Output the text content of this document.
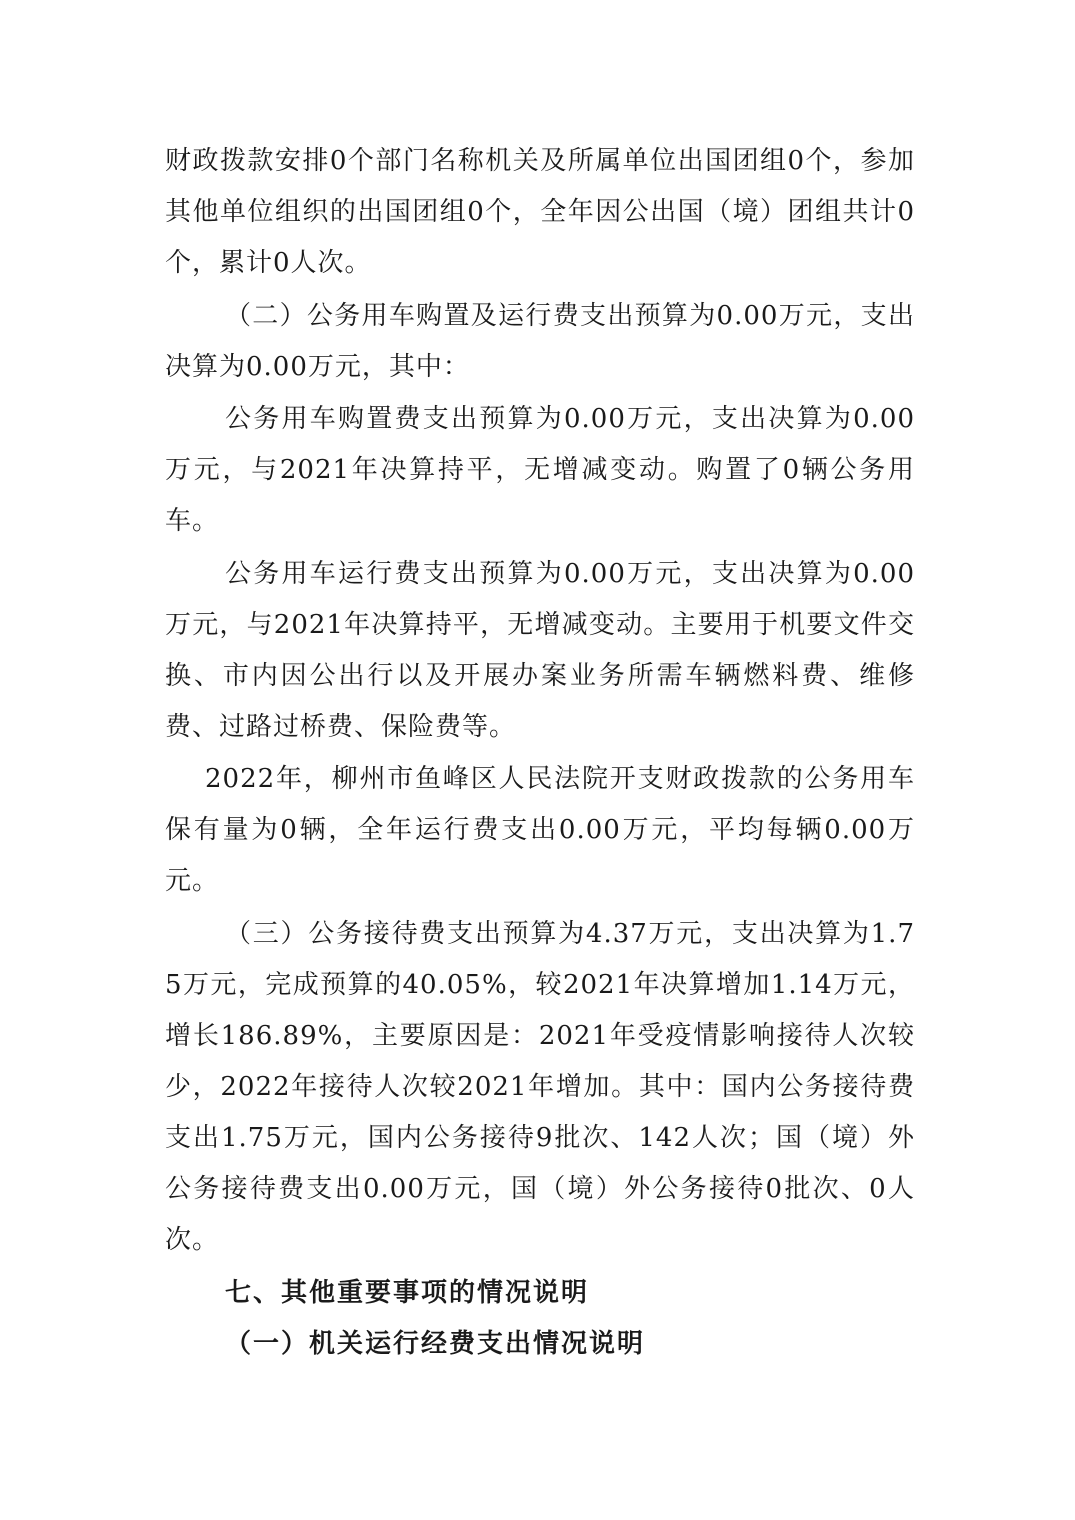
财政拨款安排0个部门名称机关及所属单位出国团组0个，参加其他单位组织的出国团组0个，全年因公出国（境）团组共计0个，累计0人次。

（二）公务用车购置及运行费支出预算为0.00万元，支出决算为0.00万元，其中：

公务用车购置费支出预算为0.00万元，支出决算为0.00万元，与2021年决算持平，无增减变动。购置了0辆公务用车。

公务用车运行费支出预算为0.00万元，支出决算为0.00万元，与2021年决算持平，无增减变动。主要用于机要文件交换、市内因公出行以及开展办案业务所需车辆燃料费、维修费、过路过桥费、保险费等。

2022年，柳州市鱼峰区人民法院开支财政拨款的公务用车保有量为0辆，全年运行费支出0.00万元，平均每辆0.00万元。

（三）公务接待费支出预算为4.37万元，支出决算为1.75万元，完成预算的40.05%，较2021年决算增加1.14万元，增长186.89%，主要原因是：2021年受疫情影响接待人次较少，2022年接待人次较2021年增加。其中：国内公务接待费支出1.75万元，国内公务接待9批次、142人次；国（境）外公务接待费支出0.00万元，国（境）外公务接待0批次、0人次。

七、其他重要事项的情况说明

（一）机关运行经费支出情况说明
